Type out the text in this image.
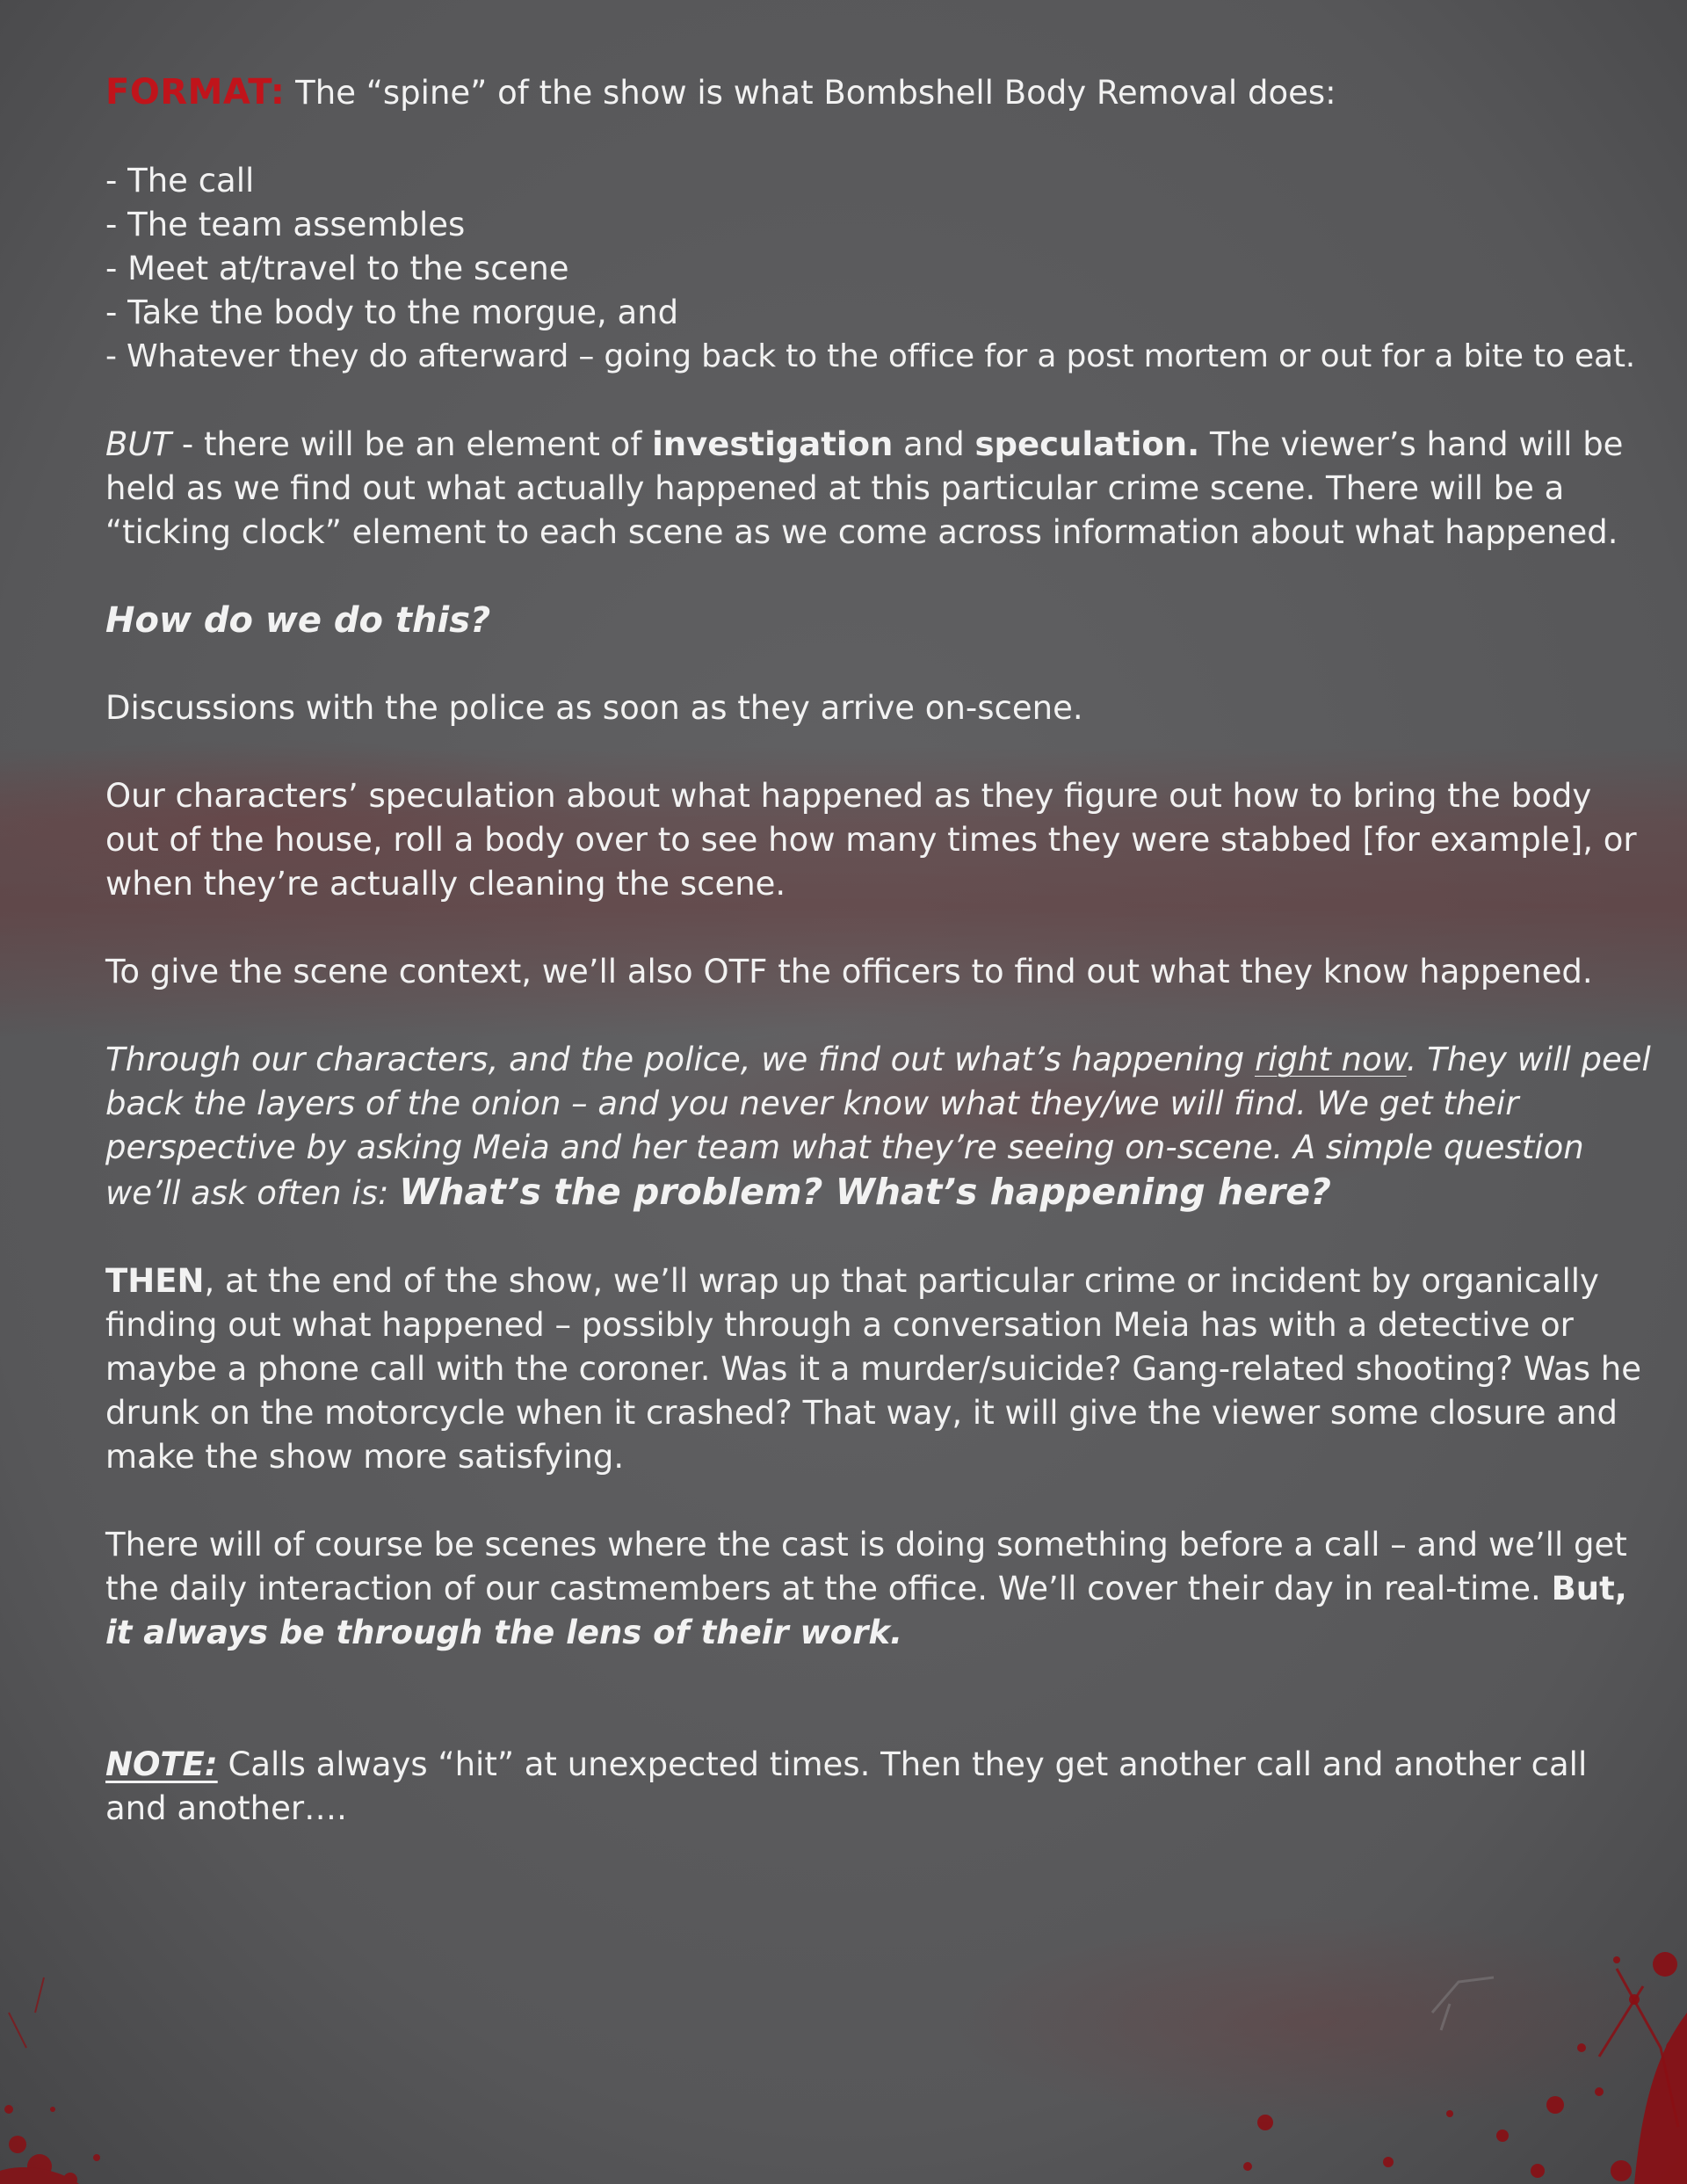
FORMAT: The “spine” of the show is what Bombshell Body Removal does:

- The call

- The team assembles

- Meet at/travel to the scene

- Take the body to the morgue, and

- Whatever they do afterward – going back to the office for a post mortem or out for a bite to eat.

BUT - there will be an element of investigation and speculation. The viewer’s hand will be held as we find out what actually happened at this particular crime scene. There will be a “ticking clock” element to each scene as we come across information about what happened.

How do we do this?

Discussions with the police as soon as they arrive on-scene.

Our characters’ speculation about what happened as they figure out how to bring the body out of the house, roll a body over to see how many times they were stabbed [for example], or when they’re actually cleaning the scene.

To give the scene context, we’ll also OTF the officers to find out what they know happened.

Through our characters, and the police, we find out what’s happening right now. They will peel back the layers of the onion – and you never know what they/we will find. We get their perspective by asking Meia and her team what they’re seeing on-scene. A simple question we’ll ask often is: What’s the problem? What’s happening here?

THEN, at the end of the show, we’ll wrap up that particular crime or incident by organically finding out what happened – possibly through a conversation Meia has with a detective or maybe a phone call with the coroner. Was it a murder/suicide? Gang-related shooting? Was he drunk on the motorcycle when it crashed? That way, it will give the viewer some closure and make the show more satisfying.

There will of course be scenes where the cast is doing something before a call – and we’ll get the daily interaction of our castmembers at the office. We’ll cover their day in real-time. But, it always be through the lens of their work.

NOTE: Calls always “hit” at unexpected times. Then they get another call and another call and another….
